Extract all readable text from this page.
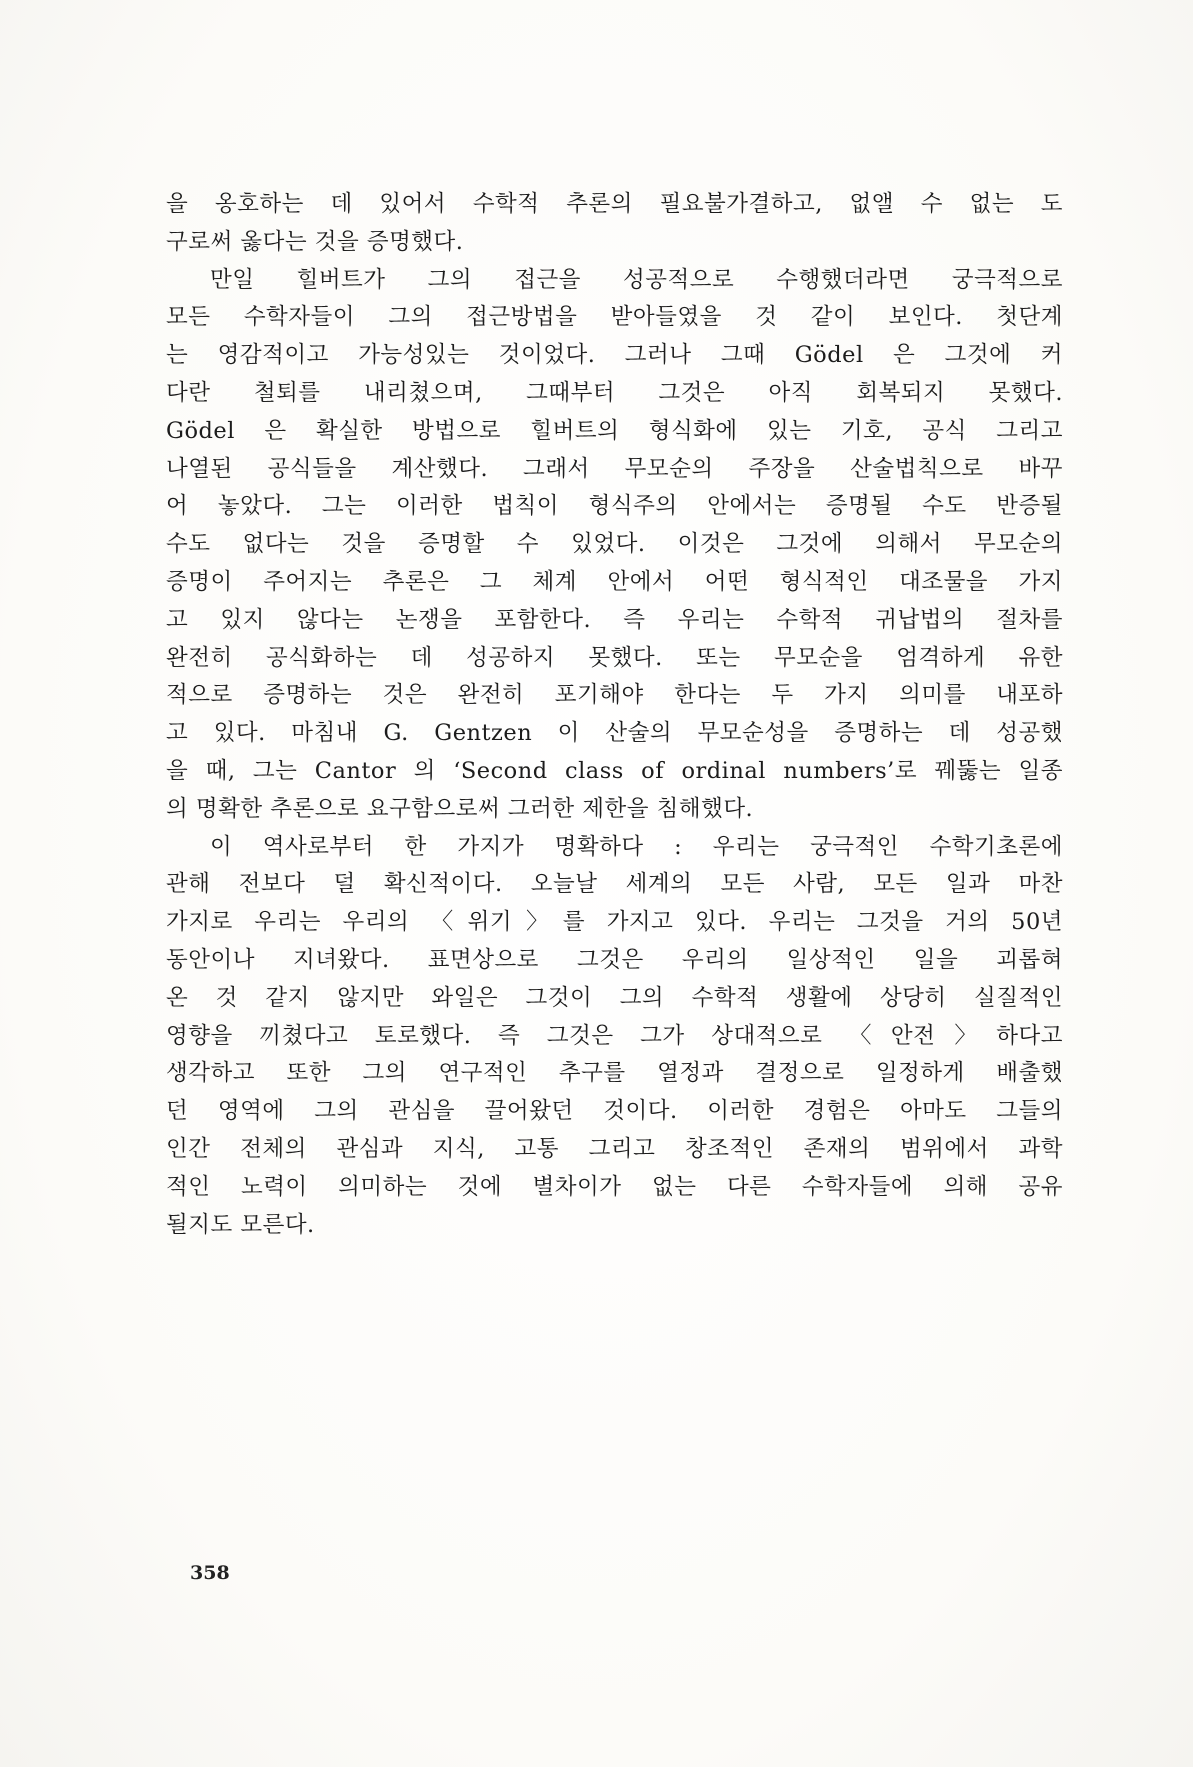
을 옹호하는 데 있어서 수학적 추론의 필요불가결하고, 없앨 수 없는 도
구로써 옳다는 것을 증명했다.
만일 힐버트가 그의 접근을 성공적으로 수행했더라면 궁극적으로
모든 수학자들이 그의 접근방법을 받아들였을 것 같이 보인다. 첫단계
는 영감적이고 가능성있는 것이었다. 그러나 그때 Gödel 은 그것에 커
다란 철퇴를 내리쳤으며, 그때부터 그것은 아직 회복되지 못했다.
Gödel 은 확실한 방법으로 힐버트의 형식화에 있는 기호, 공식 그리고
나열된 공식들을 계산했다. 그래서 무모순의 주장을 산술법칙으로 바꾸
어 놓았다. 그는 이러한 법칙이 형식주의 안에서는 증명될 수도 반증될
수도 없다는 것을 증명할 수 있었다. 이것은 그것에 의해서 무모순의
증명이 주어지는 추론은 그 체계 안에서 어떤 형식적인 대조물을 가지
고 있지 않다는 논쟁을 포함한다. 즉 우리는 수학적 귀납법의 절차를
완전히 공식화하는 데 성공하지 못했다. 또는 무모순을 엄격하게 유한
적으로 증명하는 것은 완전히 포기해야 한다는 두 가지 의미를 내포하
고 있다. 마침내 G. Gentzen 이 산술의 무모순성을 증명하는 데 성공했
을 때, 그는 Cantor 의 ‘Second class of ordinal numbers’로 꿰뚫는 일종
의 명확한 추론으로 요구함으로써 그러한 제한을 침해했다.
이 역사로부터 한 가지가 명확하다 : 우리는 궁극적인 수학기초론에
관해 전보다 덜 확신적이다. 오늘날 세계의 모든 사람, 모든 일과 마찬
가지로 우리는 우리의 〈위기〉를 가지고 있다. 우리는 그것을 거의 50년
동안이나 지녀왔다. 표면상으로 그것은 우리의 일상적인 일을 괴롭혀
온 것 같지 않지만 와일은 그것이 그의 수학적 생활에 상당히 실질적인
영향을 끼쳤다고 토로했다. 즉 그것은 그가 상대적으로 〈안전〉하다고
생각하고 또한 그의 연구적인 추구를 열정과 결정으로 일정하게 배출했
던 영역에 그의 관심을 끌어왔던 것이다. 이러한 경험은 아마도 그들의
인간 전체의 관심과 지식, 고통 그리고 창조적인 존재의 범위에서 과학
적인 노력이 의미하는 것에 별차이가 없는 다른 수학자들에 의해 공유
될지도 모른다.
358
